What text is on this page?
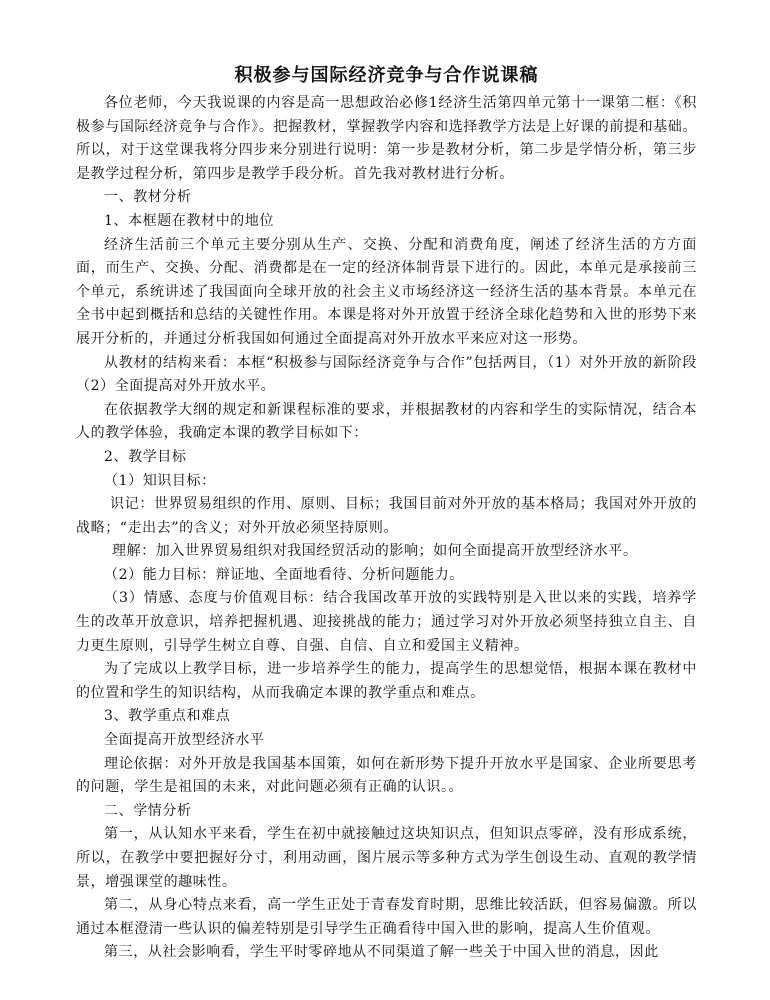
积极参与国际经济竞争与合作说课稿

各位老师，今天我说课的内容是高一思想政治必修1经济生活第四单元第十一课第二框：《积极参与国际经济竞争与合作》。把握教材，掌握教学内容和选择教学方法是上好课的前提和基础。所以，对于这堂课我将分四步来分别进行说明：第一步是教材分析，第二步是学情分析，第三步是教学过程分析，第四步是教学手段分析。首先我对教材进行分析。

一、教材分析

1、本框题在教材中的地位

经济生活前三个单元主要分别从生产、交换、分配和消费角度，阐述了经济生活的方方面面，而生产、交换、分配、消费都是在一定的经济体制背景下进行的。因此，本单元是承接前三个单元，系统讲述了我国面向全球开放的社会主义市场经济这一经济生活的基本背景。本单元在全书中起到概括和总结的关键性作用。本课是将对外开放置于经济全球化趋势和入世的形势下来展开分析的，并通过分析我国如何通过全面提高对外开放水平来应对这一形势。

从教材的结构来看：本框“积极参与国际经济竞争与合作”包括两目，（1）对外开放的新阶段（2）全面提高对外开放水平。

在依据教学大纲的规定和新课程标准的要求，并根据教材的内容和学生的实际情况，结合本人的教学体验，我确定本课的教学目标如下：

2、教学目标

（1）知识目标：

识记：世界贸易组织的作用、原则、目标；我国目前对外开放的基本格局；我国对外开放的战略；“走出去”的含义；对外开放必须坚持原则。

理解：加入世界贸易组织对我国经贸活动的影响；如何全面提高开放型经济水平。

（2）能力目标：辩证地、全面地看待、分析问题能力。

（3）情感、态度与价值观目标：结合我国改革开放的实践特别是入世以来的实践，培养学生的改革开放意识，培养把握机遇、迎接挑战的能力；通过学习对外开放必须坚持独立自主、自力更生原则，引导学生树立自尊、自强、自信、自立和爱国主义精神。

为了完成以上教学目标，进一步培养学生的能力，提高学生的思想觉悟，根据本课在教材中的位置和学生的知识结构，从而我确定本课的教学重点和难点。

3、教学重点和难点

全面提高开放型经济水平

理论依据：对外开放是我国基本国策，如何在新形势下提升开放水平是国家、企业所要思考的问题，学生是祖国的未来，对此问题必须有正确的认识。。

二、学情分析

第一，从认知水平来看，学生在初中就接触过这块知识点，但知识点零碎，没有形成系统，所以，在教学中要把握好分寸，利用动画，图片展示等多种方式为学生创设生动、直观的教学情景，增强课堂的趣味性。

第二，从身心特点来看，高一学生正处于青春发育时期，思维比较活跃，但容易偏激。所以通过本框澄清一些认识的偏差特别是引导学生正确看待中国入世的影响，提高人生价值观。

第三，从社会影响看，学生平时零碎地从不同渠道了解一些关于中国入世的消息，因此
